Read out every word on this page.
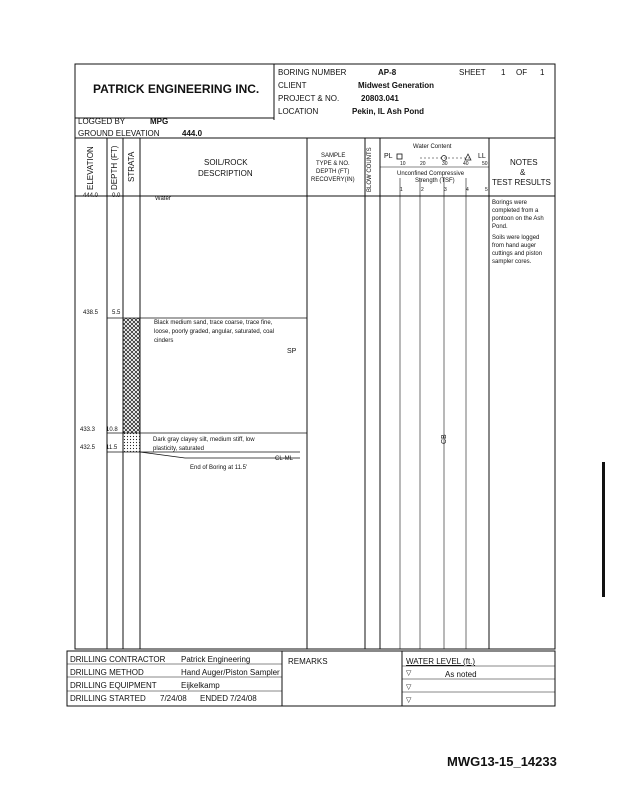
PATRICK ENGINEERING INC.
BORING NUMBER	AP-8	SHEET 1 OF 1
CLIENT	Midwest Generation
PROJECT & NO.	20803.041
LOCATION	Pekin, IL Ash Pond
LOGGED BY	MPG
GROUND ELEVATION	444.0
ELEVATION DEPTH (FT) STRATA	SOIL/ROCK
DESCRIPTION
SAMPLE
TYPE & NO.
DEPTH (FT)
RECOVERY(IN) BLOW COUNTS PL
Water Content
LL
10	20	30	40	50
Unconfined Compressive
Strength (TSF)
1	2	3	4	5
NOTES
&
TEST RESULTS
444.0 0.0	Water
438.5 5.5
Black medium sand, trace coarse, trace fine,
loose, poorly graded, angular, saturated, coal
cinders
SP
433.3 10.8
Dark gray clayey silt, medium stiff, low
plasticity, saturated
CL-ML
432.5 11.5
End of Boring at 11.5'
CB
Borings were
completed from a
pontoon on the Ash
Pond.
Soils were logged
from hand auger
cuttings and piston
sampler cores.
DRILLING CONTRACTOR Patrick Engineering
DRILLING METHOD	Hand Auger/Piston Sampler
DRILLING EQUIPMENT	Eijkelkamp
DRILLING STARTED 7/24/08 ENDED 7/24/08
REMARKS	WATER LEVEL (ft.)
As noted
▽
▽
▽
MWG13-15_14233
